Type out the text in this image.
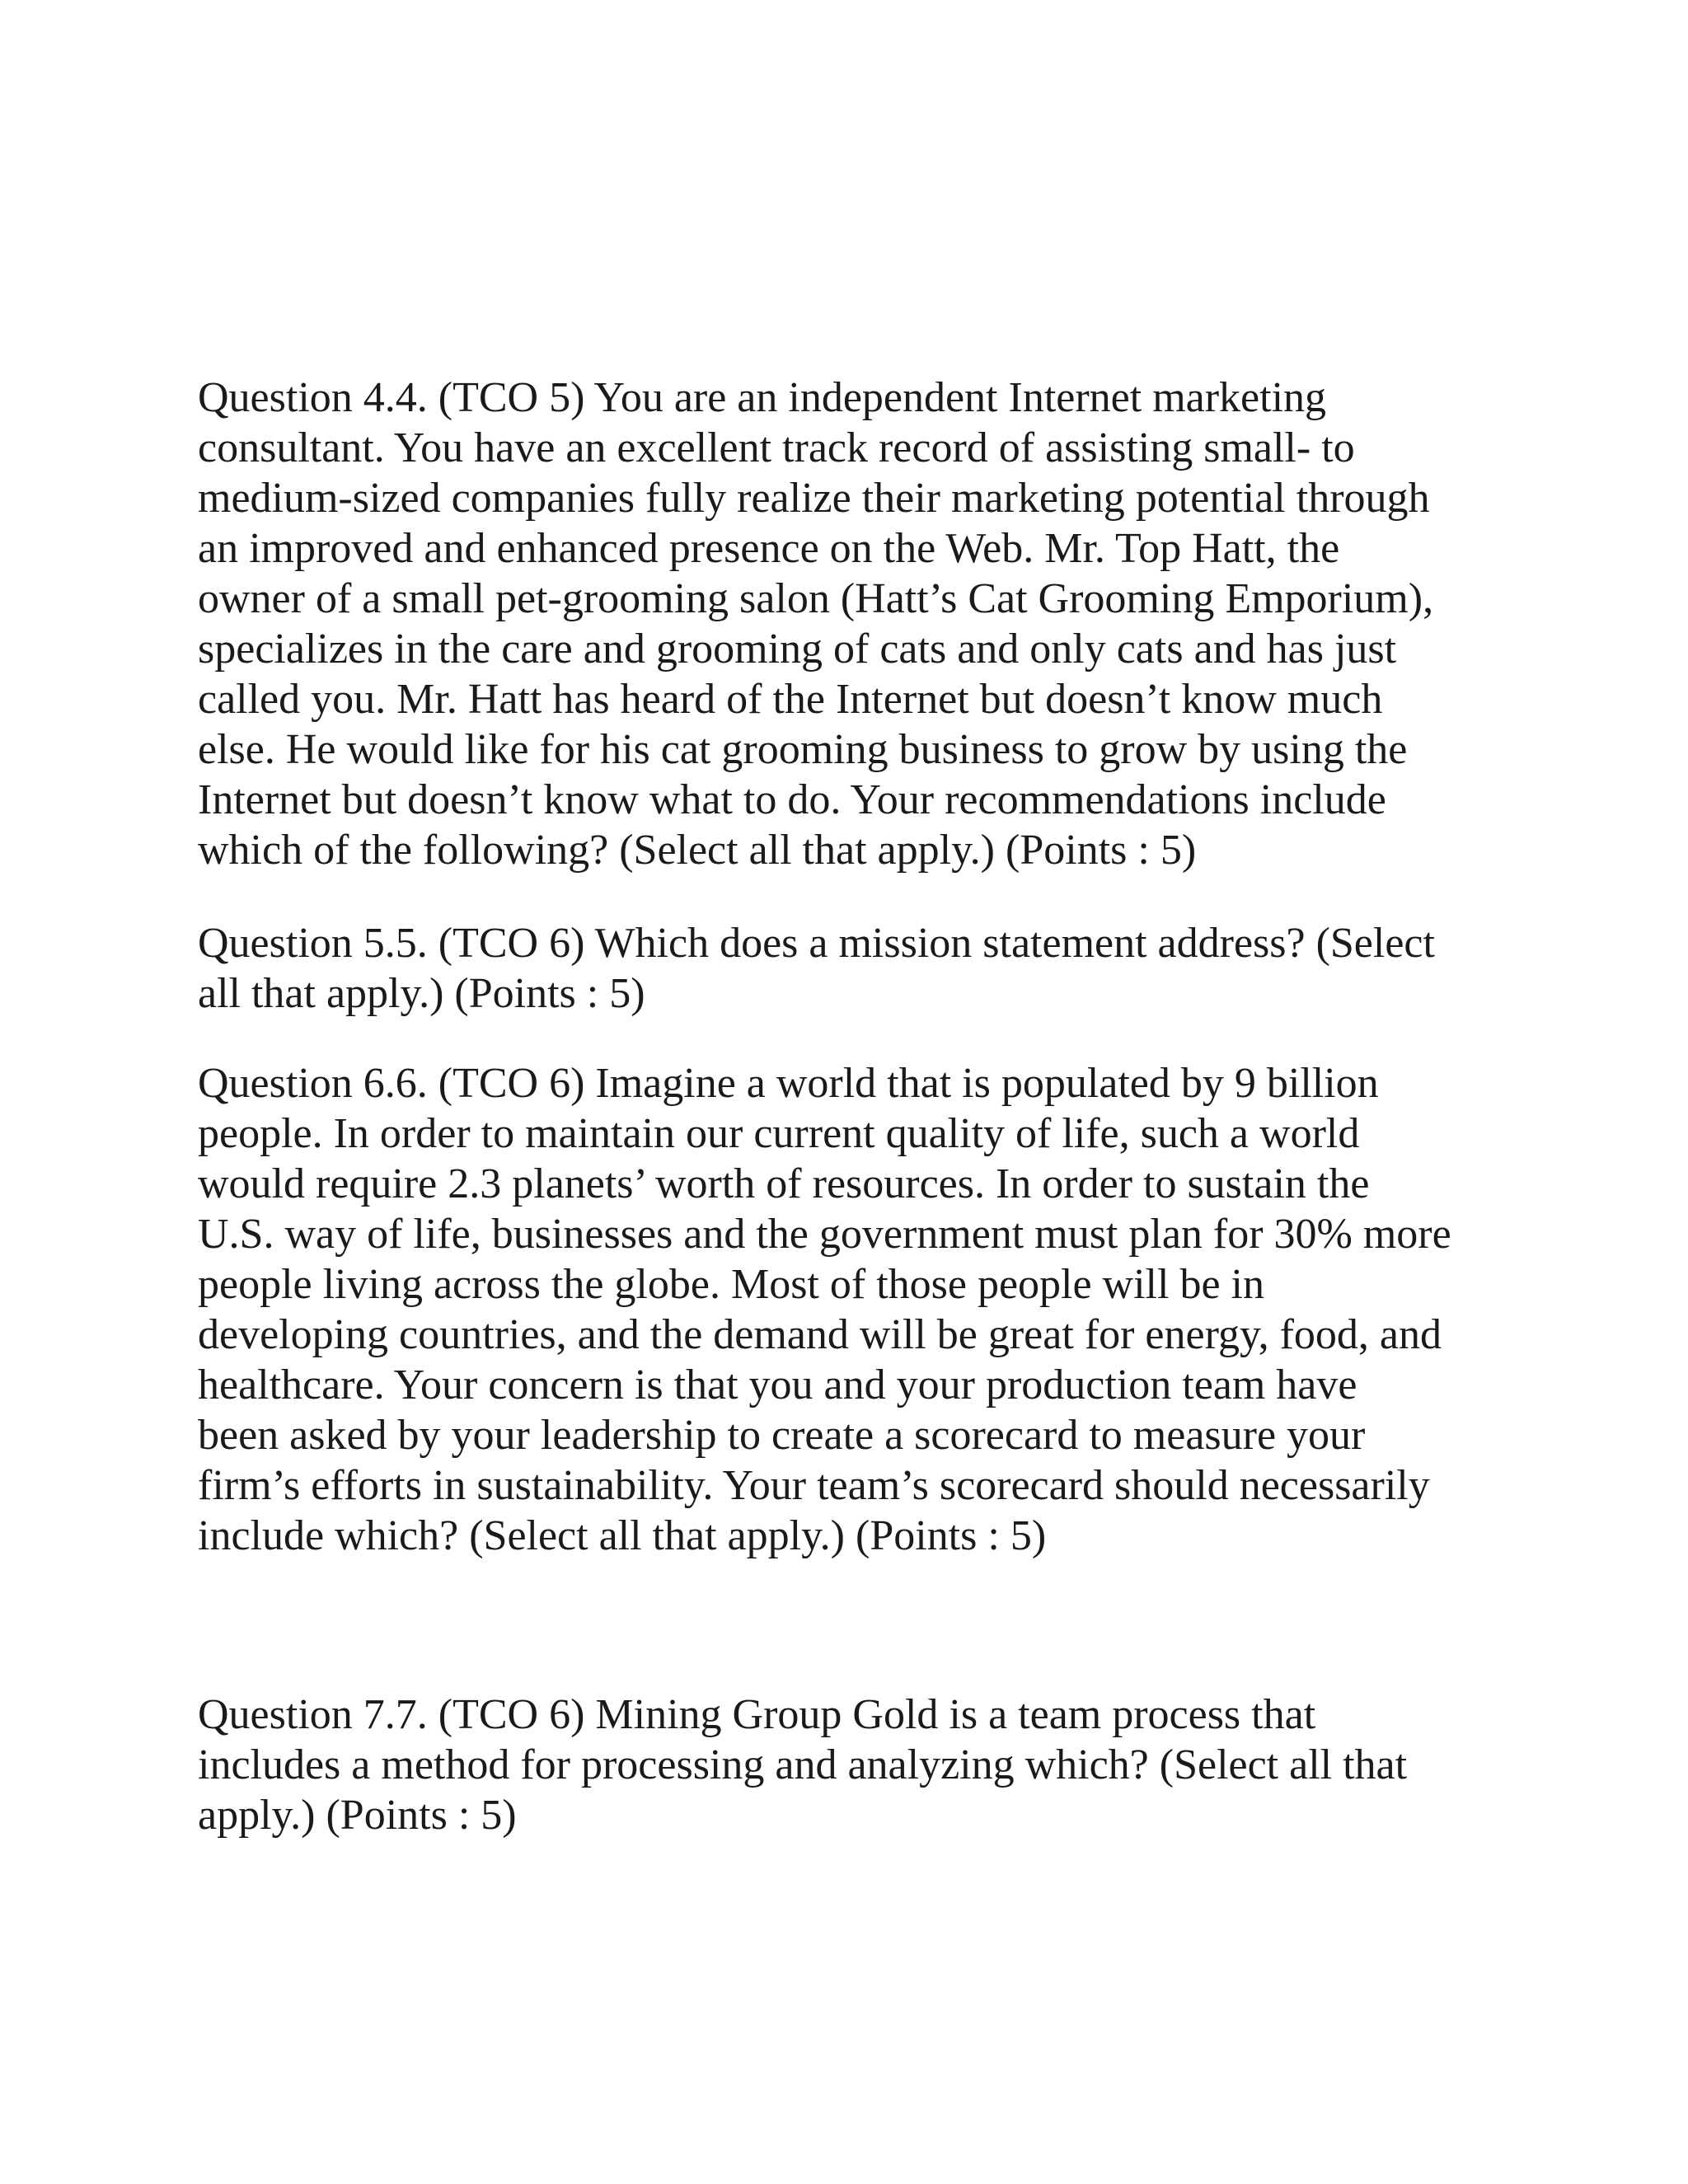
Question 4.4. (TCO 5) You are an independent Internet marketing
consultant. You have an excellent track record of assisting small- to
medium-sized companies fully realize their marketing potential through
an improved and enhanced presence on the Web. Mr. Top Hatt, the
owner of a small pet-grooming salon (Hatt’s Cat Grooming Emporium),
specializes in the care and grooming of cats and only cats and has just
called you. Mr. Hatt has heard of the Internet but doesn’t know much
else. He would like for his cat grooming business to grow by using the
Internet but doesn’t know what to do. Your recommendations include
which of the following? (Select all that apply.) (Points : 5)

Question 5.5. (TCO 6) Which does a mission statement address? (Select
all that apply.) (Points : 5)

Question 6.6. (TCO 6) Imagine a world that is populated by 9 billion
people. In order to maintain our current quality of life, such a world
would require 2.3 planets’ worth of resources. In order to sustain the
U.S. way of life, businesses and the government must plan for 30% more
people living across the globe. Most of those people will be in
developing countries, and the demand will be great for energy, food, and
healthcare. Your concern is that you and your production team have
been asked by your leadership to create a scorecard to measure your
firm’s efforts in sustainability. Your team’s scorecard should necessarily
include which? (Select all that apply.) (Points : 5)

Question 7.7. (TCO 6) Mining Group Gold is a team process that
includes a method for processing and analyzing which? (Select all that
apply.) (Points : 5)
